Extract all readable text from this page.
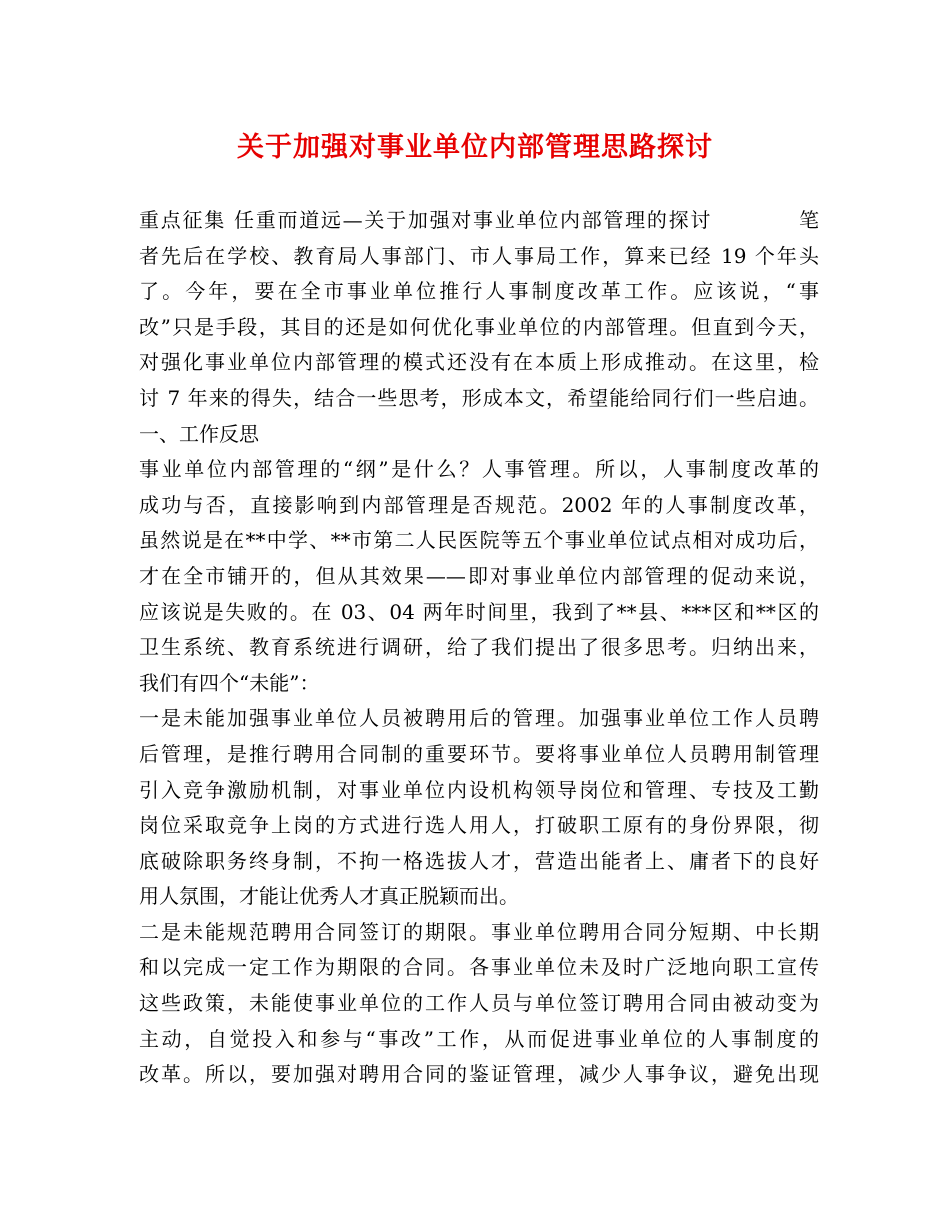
关于加强对事业单位内部管理思路探讨
重点征集 任重而道远—关于加强对事业单位内部管理的探讨　　　　笔
者先后在学校、教育局人事部门、市人事局工作，算来已经 19 个年头
了。今年，要在全市事业单位推行人事制度改革工作。应该说，“事
改”只是手段，其目的还是如何优化事业单位的内部管理。但直到今天，
对强化事业单位内部管理的模式还没有在本质上形成推动。在这里，检
讨 7 年来的得失，结合一些思考，形成本文，希望能给同行们一些启迪。
一、工作反思
事业单位内部管理的“纲”是什么？人事管理。所以，人事制度改革的
成功与否，直接影响到内部管理是否规范。2002 年的人事制度改革，
虽然说是在**中学、**市第二人民医院等五个事业单位试点相对成功后，
才在全市铺开的，但从其效果——即对事业单位内部管理的促动来说，
应该说是失败的。在 03、04 两年时间里，我到了**县、***区和**区的
卫生系统、教育系统进行调研，给了我们提出了很多思考。归纳出来，
我们有四个“未能”：
一是未能加强事业单位人员被聘用后的管理。加强事业单位工作人员聘
后管理，是推行聘用合同制的重要环节。要将事业单位人员聘用制管理
引入竞争激励机制，对事业单位内设机构领导岗位和管理、专技及工勤
岗位采取竞争上岗的方式进行选人用人，打破职工原有的身份界限，彻
底破除职务终身制，不拘一格选拔人才，营造出能者上、庸者下的良好
用人氛围，才能让优秀人才真正脱颖而出。
二是未能规范聘用合同签订的期限。事业单位聘用合同分短期、中长期
和以完成一定工作为期限的合同。各事业单位未及时广泛地向职工宣传
这些政策，未能使事业单位的工作人员与单位签订聘用合同由被动变为
主动，自觉投入和参与“事改”工作，从而促进事业单位的人事制度的
改革。所以，要加强对聘用合同的鉴证管理，减少人事争议，避免出现
